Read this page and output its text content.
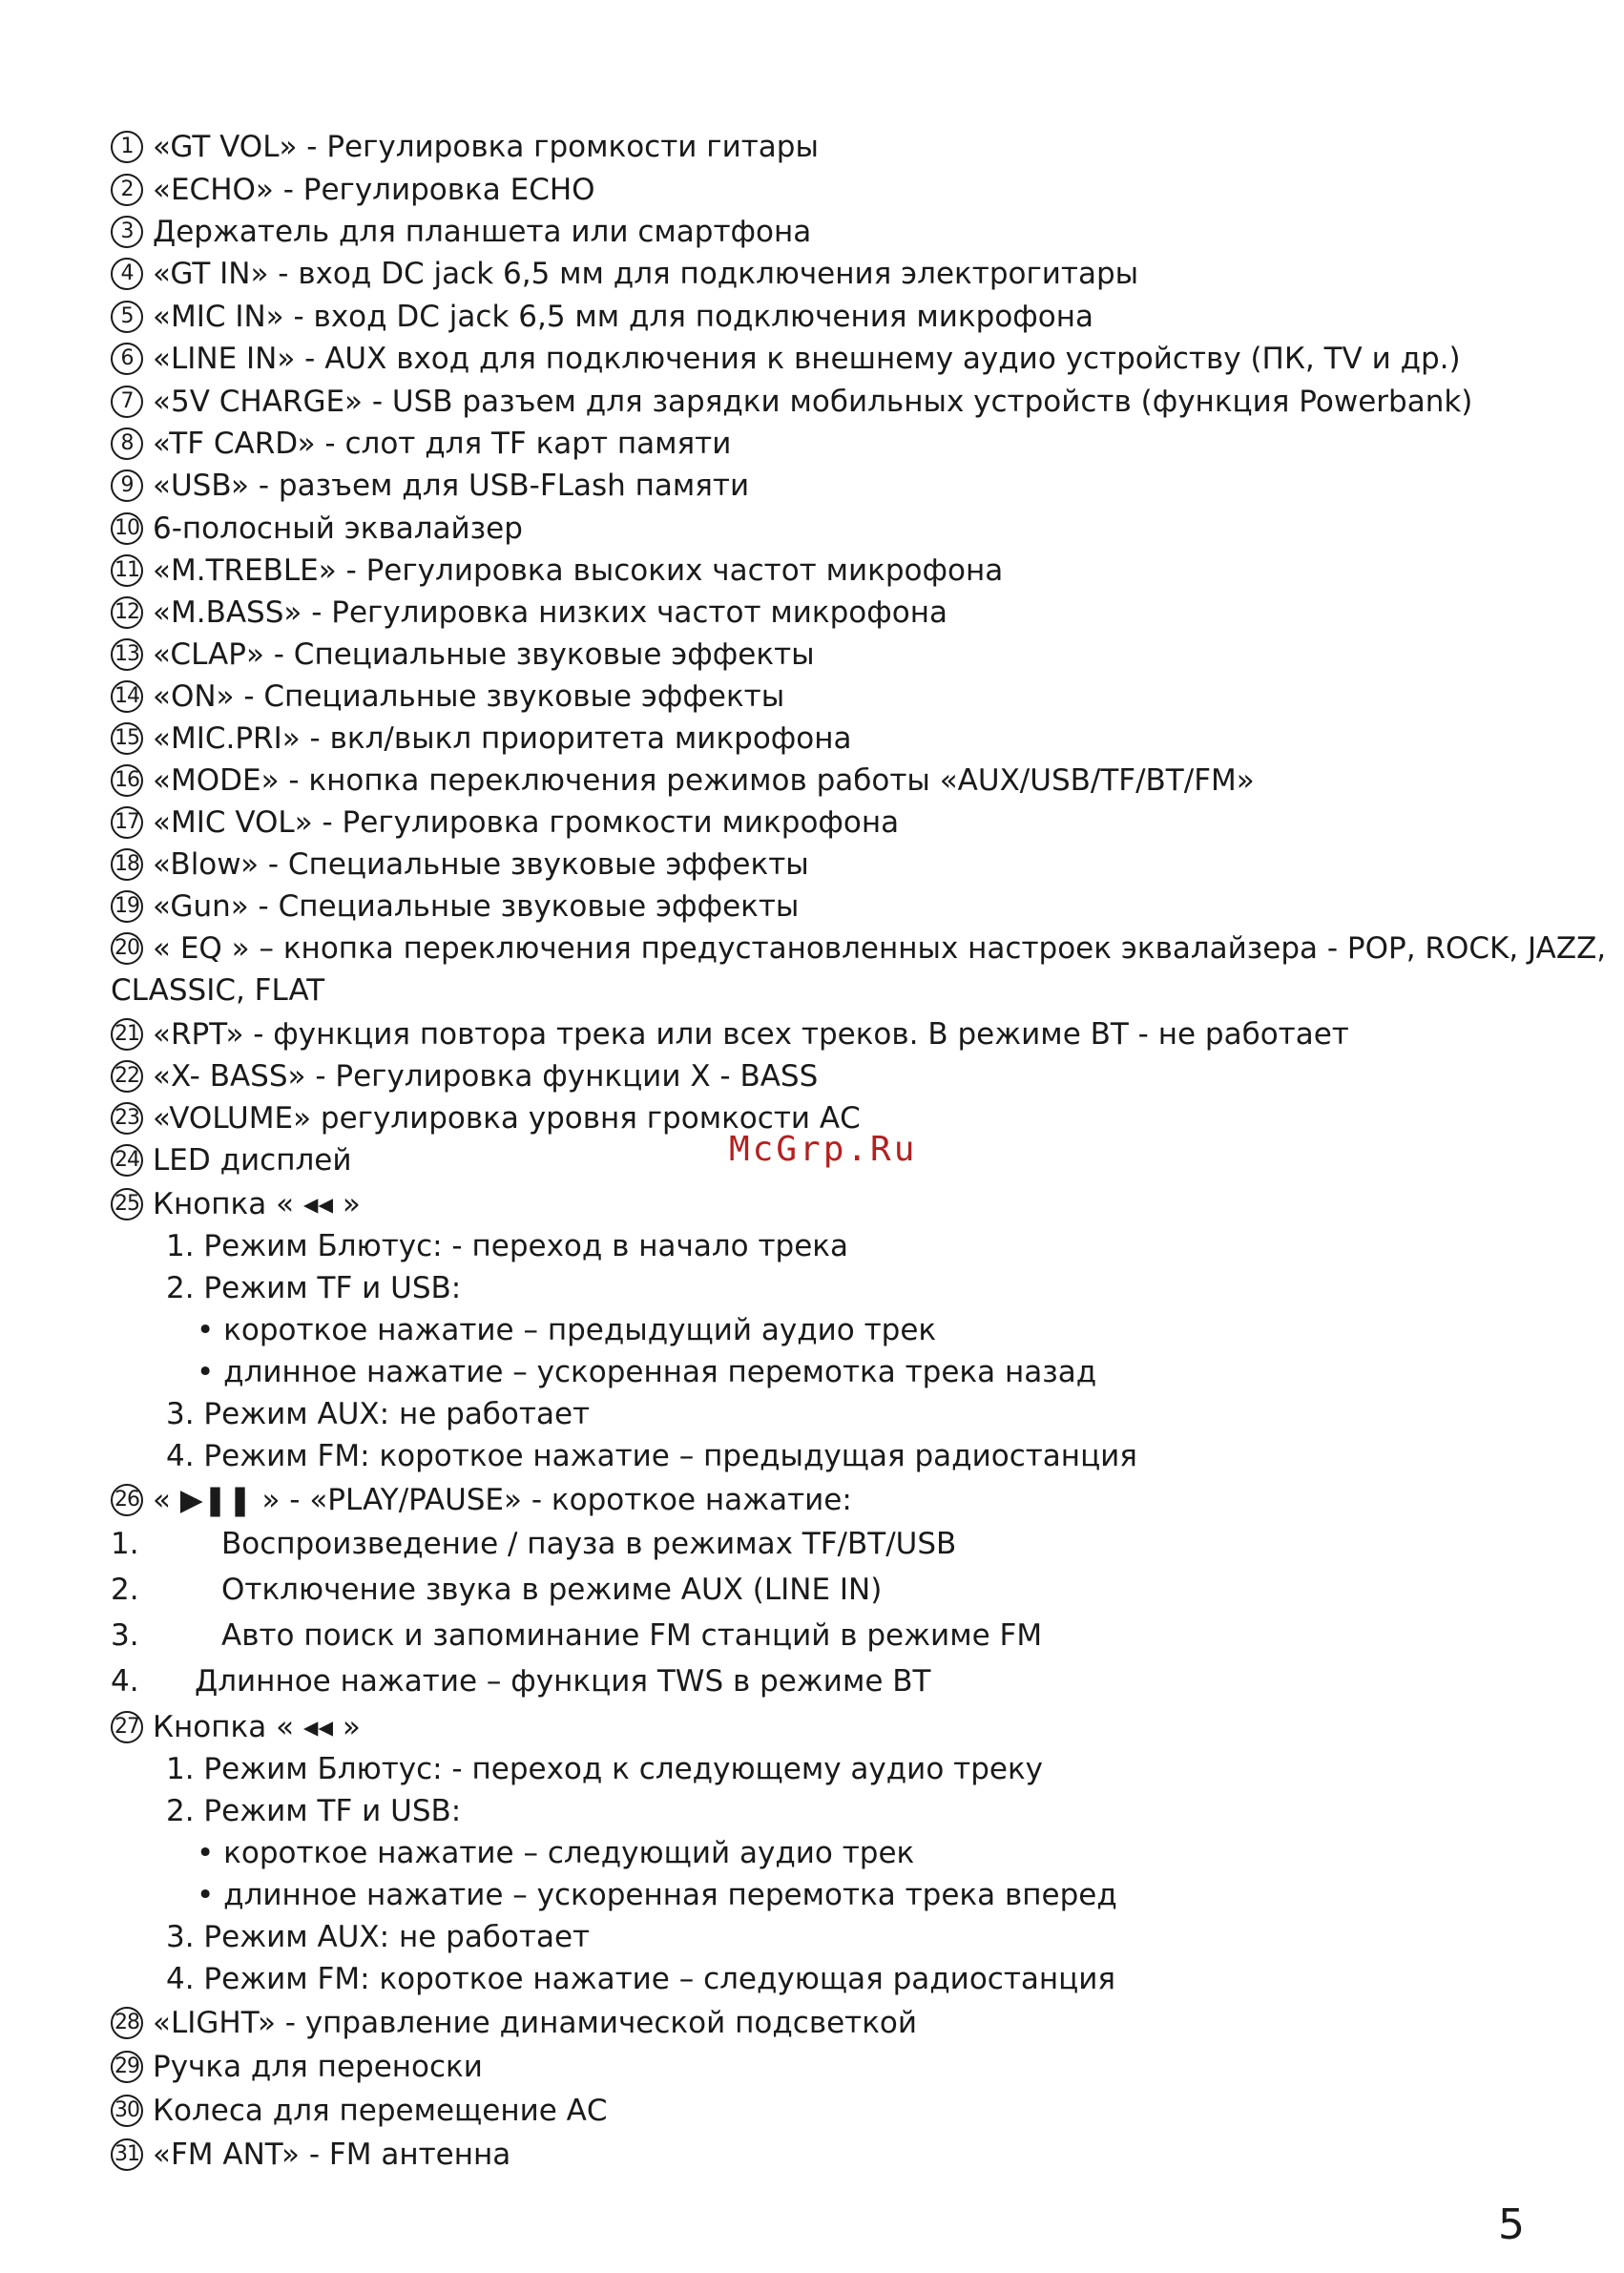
1 «GT VOL» - Регулировка громкости гитары
2 «ECHO» - Регулировка ECHO
3 Держатель для планшета или смартфона
4 «GT IN» - вход DC jack 6,5 мм для подключения электрогитары
5 «MIC IN» - вход DC jack 6,5 мм для подключения микрофона
6 «LINE IN» - AUX вход для подключения к внешнему аудио устройству (ПК, TV и др.)
7 «5V CHARGE» - USB разъем для зарядки мобильных устройств (функция Powerbank)
8 «TF CARD» - слот для TF карт памяти
9 «USB» - разъем для USB-FLash памяти
10 6-полосный эквалайзер
11 «M.TREBLE» - Регулировка высоких частот микрофона
12 «M.BASS» - Регулировка низких частот микрофона
13 «CLAP» - Специальные звуковые эффекты
14 «ON» - Специальные звуковые эффекты
15 «MIC.PRI» - вкл/выкл приоритета микрофона
16 «MODE» - кнопка переключения режимов работы «AUX/USB/TF/BT/FM»
17 «MIC VOL» - Регулировка громкости микрофона
18 «Blow» - Специальные звуковые эффекты
19 «Gun» - Специальные звуковые эффекты
20 « EQ » – кнопка переключения предустановленных настроек эквалайзера - POP, ROCK, JAZZ,
CLASSIC, FLAT
21 «RPT» - функция повтора трека или всех треков. В режиме BT - не работает
22 «X- BASS» - Регулировка функции X - BASS
23 «VOLUME» регулировка уровня громкости АС
24 LED дисплей
25 Кнопка « ◂◂ »
1. Режим Блютус: - переход в начало трека
2. Режим TF и USB:
• короткое нажатие – предыдущий аудио трек
• длинное нажатие – ускоренная перемотка трека назад
3. Режим AUX: не работает
4. Режим FM: короткое нажатие – предыдущая радиостанция
26 « ▶❚❚ » - «PLAY/PAUSE» - короткое нажатие:
1.	Воспроизведение / пауза в режимах TF/BT/USB
2.	Отключение звука в режиме AUX (LINE IN)
3.	Авто поиск и запоминание FM станций в режиме FM
4. Длинное нажатие – функция TWS в режиме BT
27 Кнопка « ◂◂ »
1. Режим Блютус: - переход к следующему аудио треку
2. Режим TF и USB:
• короткое нажатие – следующий аудио трек
• длинное нажатие – ускоренная перемотка трека вперед
3. Режим AUX: не работает
4. Режим FM: короткое нажатие – следующая радиостанция
28 «LIGHT» - управление динамической подсветкой
29 Ручка для переноски
30 Колеса для перемещение АС
31 «FM ANT» - FM антенна
McGrp.Ru
5
